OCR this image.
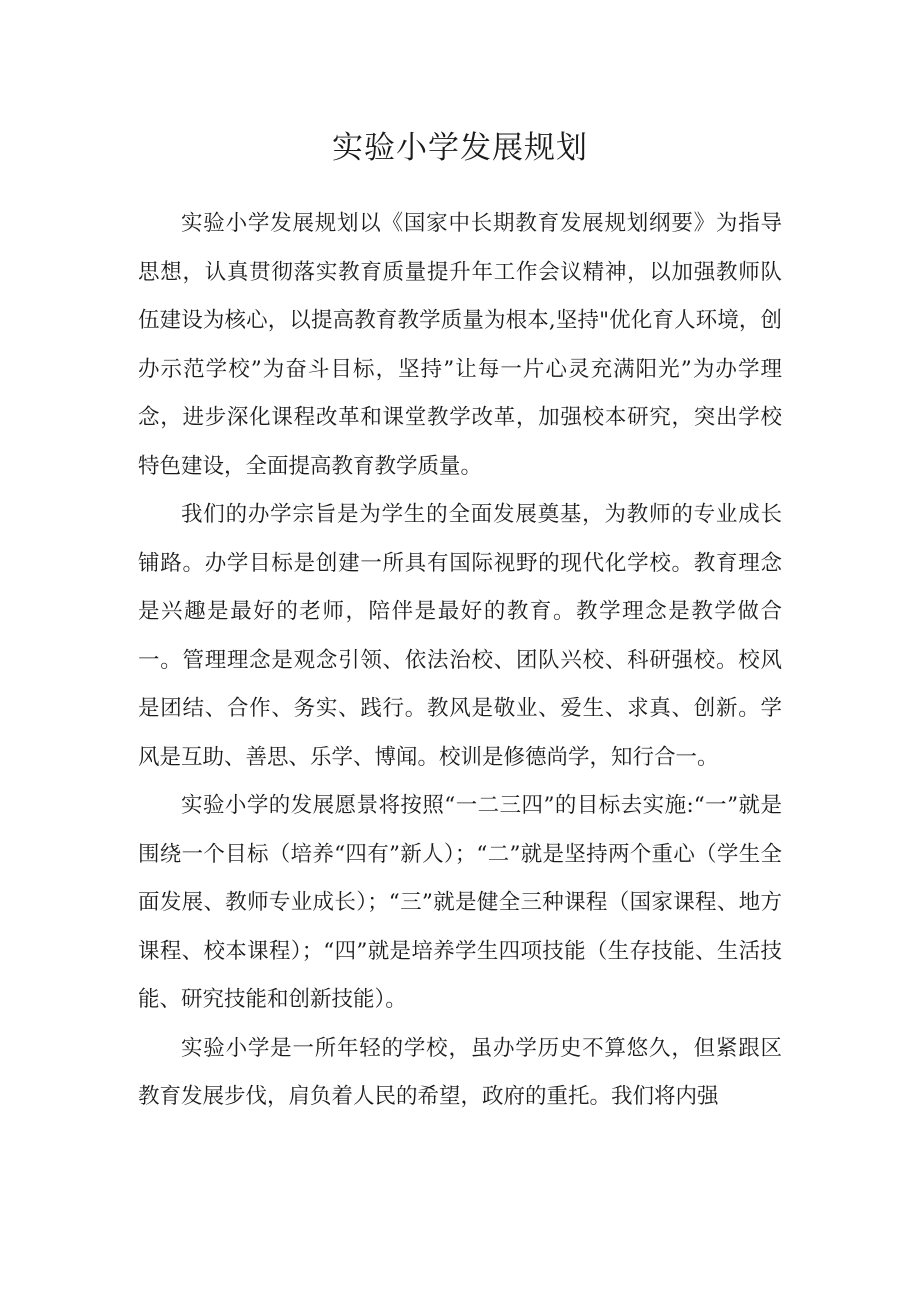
实验小学发展规划

实验小学发展规划以《国家中长期教育发展规划纲要》为指导思想，认真贯彻落实教育质量提升年工作会议精神，以加强教师队伍建设为核心，以提高教育教学质量为根本,坚持"优化育人环境，创办示范学校”为奋斗目标，坚持”让每一片心灵充满阳光”为办学理念，进步深化课程改革和课堂教学改革，加强校本研究，突出学校特色建设，全面提高教育教学质量。

我们的办学宗旨是为学生的全面发展奠基，为教师的专业成长铺路。办学目标是创建一所具有国际视野的现代化学校。教育理念是兴趣是最好的老师，陪伴是最好的教育。教学理念是教学做合一。管理理念是观念引领、依法治校、团队兴校、科研强校。校风是团结、合作、务实、践行。教风是敬业、爱生、求真、创新。学风是互助、善思、乐学、博闻。校训是修德尚学，知行合一。

实验小学的发展愿景将按照“一二三四”的目标去实施:“一”就是围绕一个目标（培养“四有”新人）；“二”就是坚持两个重心（学生全面发展、教师专业成长）；“三”就是健全三种课程（国家课程、地方课程、校本课程）；“四”就是培养学生四项技能（生存技能、生活技能、研究技能和创新技能）。

实验小学是一所年轻的学校，虽办学历史不算悠久，但紧跟区教育发展步伐，肩负着人民的希望，政府的重托。我们将内强
